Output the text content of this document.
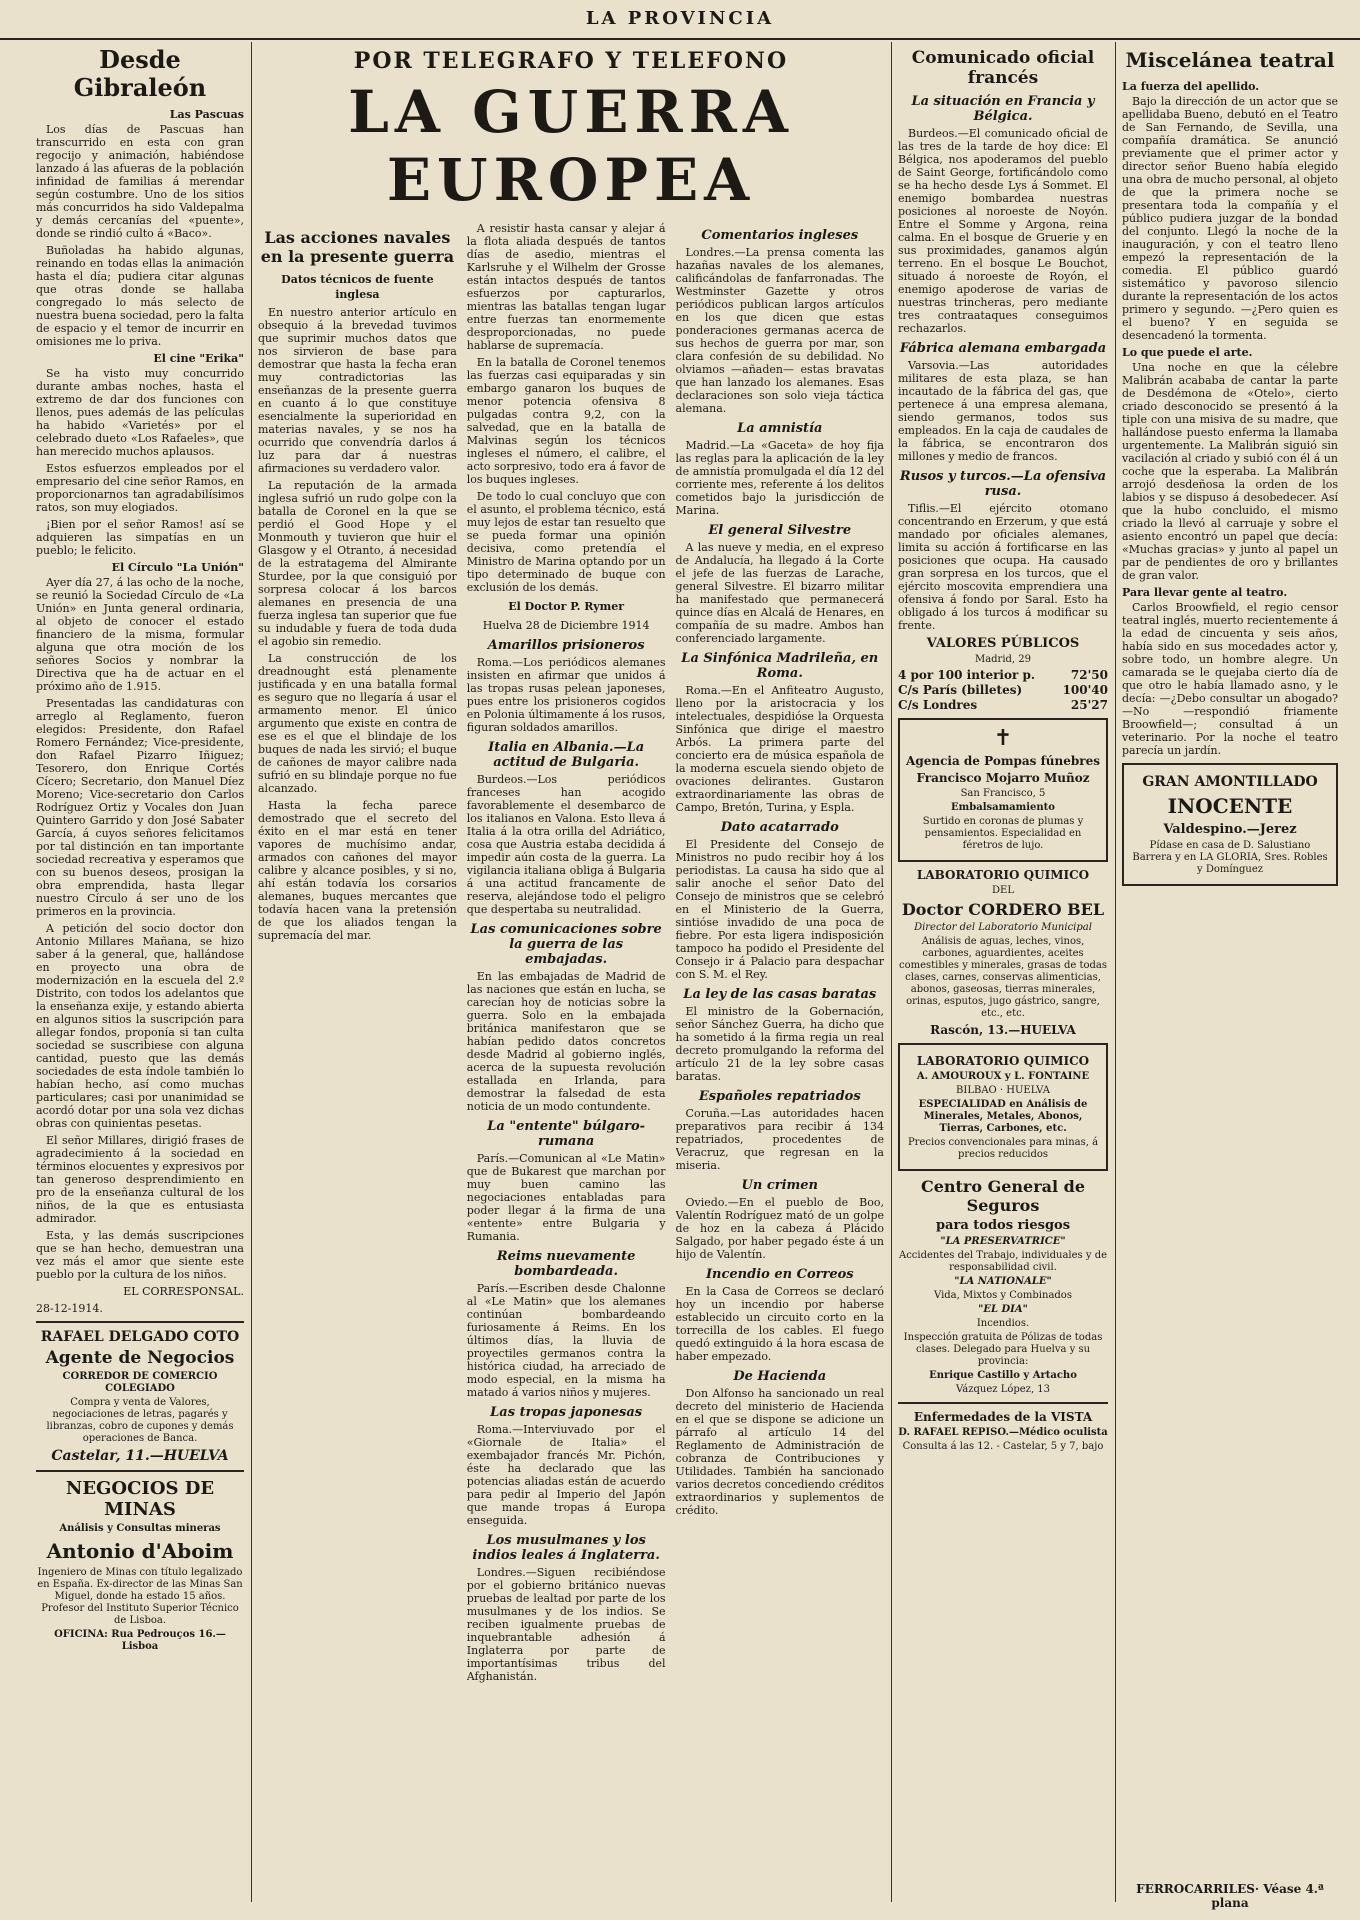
LA PROVINCIA
Desde Gibraleón
Las Pascuas

Los días de Pascuas han transcurrido en esta con gran regocijo y animación, habiéndose lanzado á las afueras de la población infinidad de familias á merendar según costumbre. Uno de los sitios más concurridos ha sido Valdepalma y demás cercanías del «puente», donde se rindió culto á «Baco».

Buñoladas ha habido algunas, reinando en todas ellas la animación hasta el día; pudiera citar algunas que otras donde se hallaba congregado lo más selecto de nuestra buena sociedad, pero la falta de espacio y el temor de incurrir en omisiones me lo priva.

El cine "Erika"

Se ha visto muy concurrido durante ambas noches, hasta el extremo de dar dos funciones con llenos, pues además de las películas ha habido «Varietés» por el celebrado dueto «Los Rafaeles», que han merecido muchos aplausos.

Estos esfuerzos empleados por el empresario del cine señor Ramos, en proporcionarnos tan agradabilísimos ratos, son muy elogiados.

¡Bien por el señor Ramos! así se adquieren las simpatías en un pueblo; le felicito.

El Círculo "La Unión"

Ayer día 27, á las ocho de la noche, se reunió la Sociedad Círculo de «La Unión» en Junta general ordinaria, al objeto de conocer el estado financiero de la misma, formular alguna que otra moción de los señores Socios y nombrar la Directiva que ha de actuar en el próximo año de 1.915.

Presentadas las candidaturas con arreglo al Reglamento, fueron elegidos: Presidente, don Rafael Romero Fernández; Vice-presidente, don Rafael Pizarro Iñiguez; Tesorero, don Enrique Cortés Cícero; Secretario, don Manuel Díez Moreno; Vice-secretario don Carlos Rodríguez Ortiz y Vocales don Juan Quintero Garrido y don José Sabater García, á cuyos señores felicitamos por tal distinción en tan importante sociedad recreativa y esperamos que con su buenos deseos, prosigan la obra emprendida, hasta llegar nuestro Círculo á ser uno de los primeros en la provincia.

A petición del socio doctor don Antonio Millares Mañana, se hizo saber á la general, que, hallándose en proyecto una obra de modernización en la escuela del 2.º Distrito, con todos los adelantos que la enseñanza exije, y estando abierta en algunos sitios la suscripción para allegar fondos, proponía si tan culta sociedad se suscribiese con alguna cantidad, puesto que las demás sociedades de esta índole también lo habían hecho, así como muchas particulares; casi por unanimidad se acordó dotar por una sola vez dichas obras con quinientas pesetas.

El señor Millares, dirigió frases de agradecimiento á la sociedad en términos elocuentes y expresivos por tan generoso desprendimiento en pro de la enseñanza cultural de los niños, de la que es entusiasta admirador.

Esta, y las demás suscripciones que se han hecho, demuestran una vez más el amor que siente este pueblo por la cultura de los niños.

EL CORRESPONSAL.
28-12-1914.
RAFAEL DELGADO COTO
Agente de Negocios
CORREDOR DE COMERCIO COLEGIADO
Compra y venta de Valores, negociaciones de letras, pagarés y libranzas, cobro de cupones y demás operaciones de Banca.
Castelar, 11.—HUELVA
NEGOCIOS DE MINAS
Análisis y Consultas mineras
Antonio d'Aboim
Ingeniero de Minas con título legalizado en España. Ex-director de las Minas San Miguel, donde ha estado 15 años. Profesor del Instituto Superior Técnico de Lisboa.
OFICINA: Rua Pedrouços 16.—Lisboa
POR TELEGRAFO Y TELEFONO
LA GUERRA EUROPEA
Las acciones navales en la presente guerra
Datos técnicos de fuente inglesa

En nuestro anterior artículo en obsequio á la brevedad tuvimos que suprimir muchos datos que nos sirvieron de base para demostrar que hasta la fecha eran muy contradictorias las enseñanzas de la presente guerra en cuanto á lo que constituye esencialmente la superioridad en materias navales, y se nos ha ocurrido que convendría darlos á luz para dar á nuestras afirmaciones su verdadero valor.

La reputación de la armada inglesa sufrió un rudo golpe con la batalla de Coronel en la que se perdió el Good Hope y el Monmouth y tuvieron que huir el Glasgow y el Otranto, á necesidad de la estratagema del Almirante Sturdee, por la que consiguió por sorpresa colocar á los barcos alemanes en presencia de una fuerza inglesa tan superior que fue su indudable y fuera de toda duda el agobio sin remedio.

La construcción de los dreadnought está plenamente justificada y en una batalla formal es seguro que no llegaría á usar el armamento menor. El único argumento que existe en contra de ese es el que el blindaje de los buques de nada les sirvió; el buque de cañones de mayor calibre nada sufrió en su blindaje porque no fue alcanzado.

Hasta la fecha parece demostrado que el secreto del éxito en el mar está en tener vapores de muchísimo andar, armados con cañones del mayor calibre y alcance posibles, y si no, ahí están todavía los corsarios alemanes, buques mercantes que todavía hacen vana la pretensión de que los aliados tengan la supremacía del mar.

A resistir hasta cansar y alejar á la flota aliada después de tantos días de asedio, mientras el Karlsruhe y el Wilhelm der Grosse están intactos después de tantos esfuerzos por capturarlos, mientras las batallas tengan lugar entre fuerzas tan enormemente desproporcionadas, no puede hablarse de supremacía.

En la batalla de Coronel tenemos las fuerzas casi equiparadas y sin embargo ganaron los buques de menor potencia ofensiva 8 pulgadas contra 9,2, con la salvedad, que en la batalla de Malvinas según los técnicos ingleses el número, el calibre, el acto sorpresivo, todo era á favor de los buques ingleses.

De todo lo cual concluyo que con el asunto, el problema técnico, está muy lejos de estar tan resuelto que se pueda formar una opinión decisiva, como pretendía el Ministro de Marina optando por un tipo determinado de buque con exclusión de los demás.

El Doctor P. Rymer
Huelva 28 de Diciembre 1914
Amarillos prisioneros

Roma.—Los periódicos alemanes insisten en afirmar que unidos á las tropas rusas pelean japoneses, pues entre los prisioneros cogidos en Polonia últimamente á los rusos, figuran soldados amarillos.

Italia en Albania.—La actitud de Bulgaria.

Burdeos.—Los periódicos franceses han acogido favorablemente el desembarco de los italianos en Valona. Esto lleva á Italia á la otra orilla del Adriático, cosa que Austria estaba decidida á impedir aún costa de la guerra. La vigilancia italiana obliga á Bulgaria á una actitud francamente de reserva, alejándose todo el peligro que despertaba su neutralidad.

Las comunicaciones sobre la guerra de las embajadas.

En las embajadas de Madrid de las naciones que están en lucha, se carecían hoy de noticias sobre la guerra. Solo en la embajada británica manifestaron que se habían pedido datos concretos desde Madrid al gobierno inglés, acerca de la supuesta revolución estallada en Irlanda, para demostrar la falsedad de esta noticia de un modo contundente.

La "entente" búlgaro-rumana

París.—Comunican al «Le Matin» que de Bukarest que marchan por muy buen camino las negociaciones entabladas para poder llegar á la firma de una «entente» entre Bulgaria y Rumania.

Reims nuevamente bombardeada.

París.—Escriben desde Chalonne al «Le Matin» que los alemanes continúan bombardeando furiosamente á Reims. En los últimos días, la lluvia de proyectiles germanos contra la histórica ciudad, ha arreciado de modo especial, en la misma ha matado á varios niños y mujeres.

Las tropas japonesas

Roma.—Interviuvado por el «Giornale de Italia» el exembajador francés Mr. Pichón, éste ha declarado que las potencias aliadas están de acuerdo para pedir al Imperio del Japón que mande tropas á Europa enseguida.

Los musulmanes y los indios leales á Inglaterra.

Londres.—Siguen recibiéndose por el gobierno británico nuevas pruebas de lealtad por parte de los musulmanes y de los indios. Se reciben igualmente pruebas de inquebrantable adhesión á Inglaterra por parte de importantísimas tribus del Afghanistán.

Comentarios ingleses

Londres.—La prensa comenta las hazañas navales de los alemanes, calificándolas de fanfarronadas. The Westminster Gazette y otros periódicos publican largos artículos en los que dicen que estas ponderaciones germanas acerca de sus hechos de guerra por mar, son clara confesión de su debilidad. No olviamos —añaden— estas bravatas que han lanzado los alemanes. Esas declaraciones son solo vieja táctica alemana.

La amnistía

Madrid.—La «Gaceta» de hoy fija las reglas para la aplicación de la ley de amnistía promulgada el día 12 del corriente mes, referente á los delitos cometidos bajo la jurisdicción de Marina.

El general Silvestre

A las nueve y media, en el expreso de Andalucía, ha llegado á la Corte el jefe de las fuerzas de Larache, general Silvestre. El bizarro militar ha manifestado que permanecerá quince días en Alcalá de Henares, en compañía de su madre. Ambos han conferenciado largamente.

La Sinfónica Madrileña, en Roma.

Roma.—En el Anfiteatro Augusto, lleno por la aristocracia y los intelectuales, despidióse la Orquesta Sinfónica que dirige el maestro Arbós. La primera parte del concierto era de música española de la moderna escuela siendo objeto de ovaciones delirantes. Gustaron extraordinariamente las obras de Campo, Bretón, Turina, y Espla.

Dato acatarrado

El Presidente del Consejo de Ministros no pudo recibir hoy á los periodistas. La causa ha sido que al salir anoche el señor Dato del Consejo de ministros que se celebró en el Ministerio de la Guerra, sintióse invadido de una poca de fiebre. Por esta ligera indisposición tampoco ha podido el Presidente del Consejo ir á Palacio para despachar con S. M. el Rey.

La ley de las casas baratas

El ministro de la Gobernación, señor Sánchez Guerra, ha dicho que ha sometido á la firma regia un real decreto promulgando la reforma del artículo 21 de la ley sobre casas baratas.

Españoles repatriados

Coruña.—Las autoridades hacen preparativos para recibir á 134 repatriados, procedentes de Veracruz, que regresan en la miseria.

Un crimen

Oviedo.—En el pueblo de Boo, Valentín Rodríguez mató de un golpe de hoz en la cabeza á Plácido Salgado, por haber pegado éste á un hijo de Valentín.

Incendio en Correos

En la Casa de Correos se declaró hoy un incendio por haberse establecido un circuito corto en la torrecilla de los cables. El fuego quedó extinguido á la hora escasa de haber empezado.

De Hacienda

Don Alfonso ha sancionado un real decreto del ministerio de Hacienda en el que se dispone se adicione un párrafo al artículo 14 del Reglamento de Administración de cobranza de Contribuciones y Utilidades. También ha sancionado varios decretos concediendo créditos extraordinarios y suplementos de crédito.

Comunicado oficial francés
La situación en Francia y Bélgica.

Burdeos.—El comunicado oficial de las tres de la tarde de hoy dice: El Bélgica, nos apoderamos del pueblo de Saint George, fortificándolo como se ha hecho desde Lys á Sommet. El enemigo bombardea nuestras posiciones al noroeste de Noyón. Entre el Somme y Argona, reina calma. En el bosque de Gruerie y en sus proximidades, ganamos algún terreno. En el bosque Le Bouchot, situado á noroeste de Royón, el enemigo apoderose de varias de nuestras trincheras, pero mediante tres contraataques conseguimos rechazarlos.

Fábrica alemana embargada

Varsovia.—Las autoridades militares de esta plaza, se han incautado de la fábrica del gas, que pertenece á una empresa alemana, siendo germanos, todos sus empleados. En la caja de caudales de la fábrica, se encontraron dos millones y medio de francos.

Rusos y turcos.—La ofensiva rusa.

Tiflis.—El ejército otomano concentrando en Erzerum, y que está mandado por oficiales alemanes, limita su acción á fortificarse en las posiciones que ocupa. Ha causado gran sorpresa en los turcos, que el ejército moscovita emprendiera una ofensiva á fondo por Saral. Esto ha obligado á los turcos á modificar su frente.

VALORES PÚBLICOS
Madrid, 29
4 por 100 interior p.	72'50
C/s París (billetes)	100'40
C/s Londres	25'27
✝
Agencia de Pompas fúnebres
Francisco Mojarro Muñoz
San Francisco, 5
Embalsamamiento
Surtido en coronas de plumas y pensamientos. Especialidad en féretros de lujo.
LABORATORIO QUIMICO
DEL
Doctor CORDERO BEL
Director del Laboratorio Municipal
Análisis de aguas, leches, vinos, carbones, aguardientes, aceites comestibles y minerales, grasas de todas clases, carnes, conservas alimenticias, abonos, gaseosas, tierras minerales, orinas, esputos, jugo gástrico, sangre, etc., etc.
Rascón, 13.—HUELVA
LABORATORIO QUIMICO
A. AMOUROUX y L. FONTAINE
BILBAO · HUELVA
ESPECIALIDAD en Análisis de Minerales, Metales, Abonos, Tierras, Carbones, etc.
Precios convencionales para minas, á precios reducidos
Centro General de Seguros
para todos riesgos
"LA PRESERVATRICE"
Accidentes del Trabajo, individuales y de responsabilidad civil.
"LA NATIONALE"
Vida, Mixtos y Combinados
"EL DIA"
Incendios.
Inspección gratuita de Pólizas de todas clases. Delegado para Huelva y su provincia:
Enrique Castillo y Artacho
Vázquez López, 13
Enfermedades de la VISTA
D. RAFAEL REPISO.—Médico oculista
Consulta á las 12. - Castelar, 5 y 7, bajo
Miscelánea teatral
La fuerza del apellido.

Bajo la dirección de un actor que se apellidaba Bueno, debutó en el Teatro de San Fernando, de Sevilla, una compañía dramática. Se anunció previamente que el primer actor y director señor Bueno había elegido una obra de mucho personal, al objeto de que la primera noche se presentara toda la compañía y el público pudiera juzgar de la bondad del conjunto. Llegó la noche de la inauguración, y con el teatro lleno empezó la representación de la comedia. El público guardó sistemático y pavoroso silencio durante la representación de los actos primero y segundo. —¿Pero quien es el bueno? Y en seguida se desencadenó la tormenta.

Lo que puede el arte.

Una noche en que la célebre Malibrán acababa de cantar la parte de Desdémona de «Otelo», cierto criado desconocido se presentó á la tiple con una misiva de su madre, que hallándose puesto enferma la llamaba urgentemente. La Malibrán siguió sin vacilación al criado y subió con él á un coche que la esperaba. La Malibrán arrojó desdeñosa la orden de los labios y se dispuso á desobedecer. Así que la hubo concluido, el mismo criado la llevó al carruaje y sobre el asiento encontró un papel que decía: «Muchas gracias» y junto al papel un par de pendientes de oro y brillantes de gran valor.

Para llevar gente al teatro.

Carlos Broowfield, el regio censor teatral inglés, muerto recientemente á la edad de cincuenta y seis años, había sido en sus mocedades actor y, sobre todo, un hombre alegre. Un camarada se le quejaba cierto día de que otro le había llamado asno, y le decía: —¿Debo consultar un abogado? —No —respondió friamente Broowfield—; consultad á un veterinario. Por la noche el teatro parecía un jardín.

GRAN AMONTILLADO
INOCENTE
Valdespino.—Jerez
Pídase en casa de D. Salustiano Barrera y en LA GLORIA, Sres. Robles y Domínguez
FERROCARRILES· Véase 4.ª plana
